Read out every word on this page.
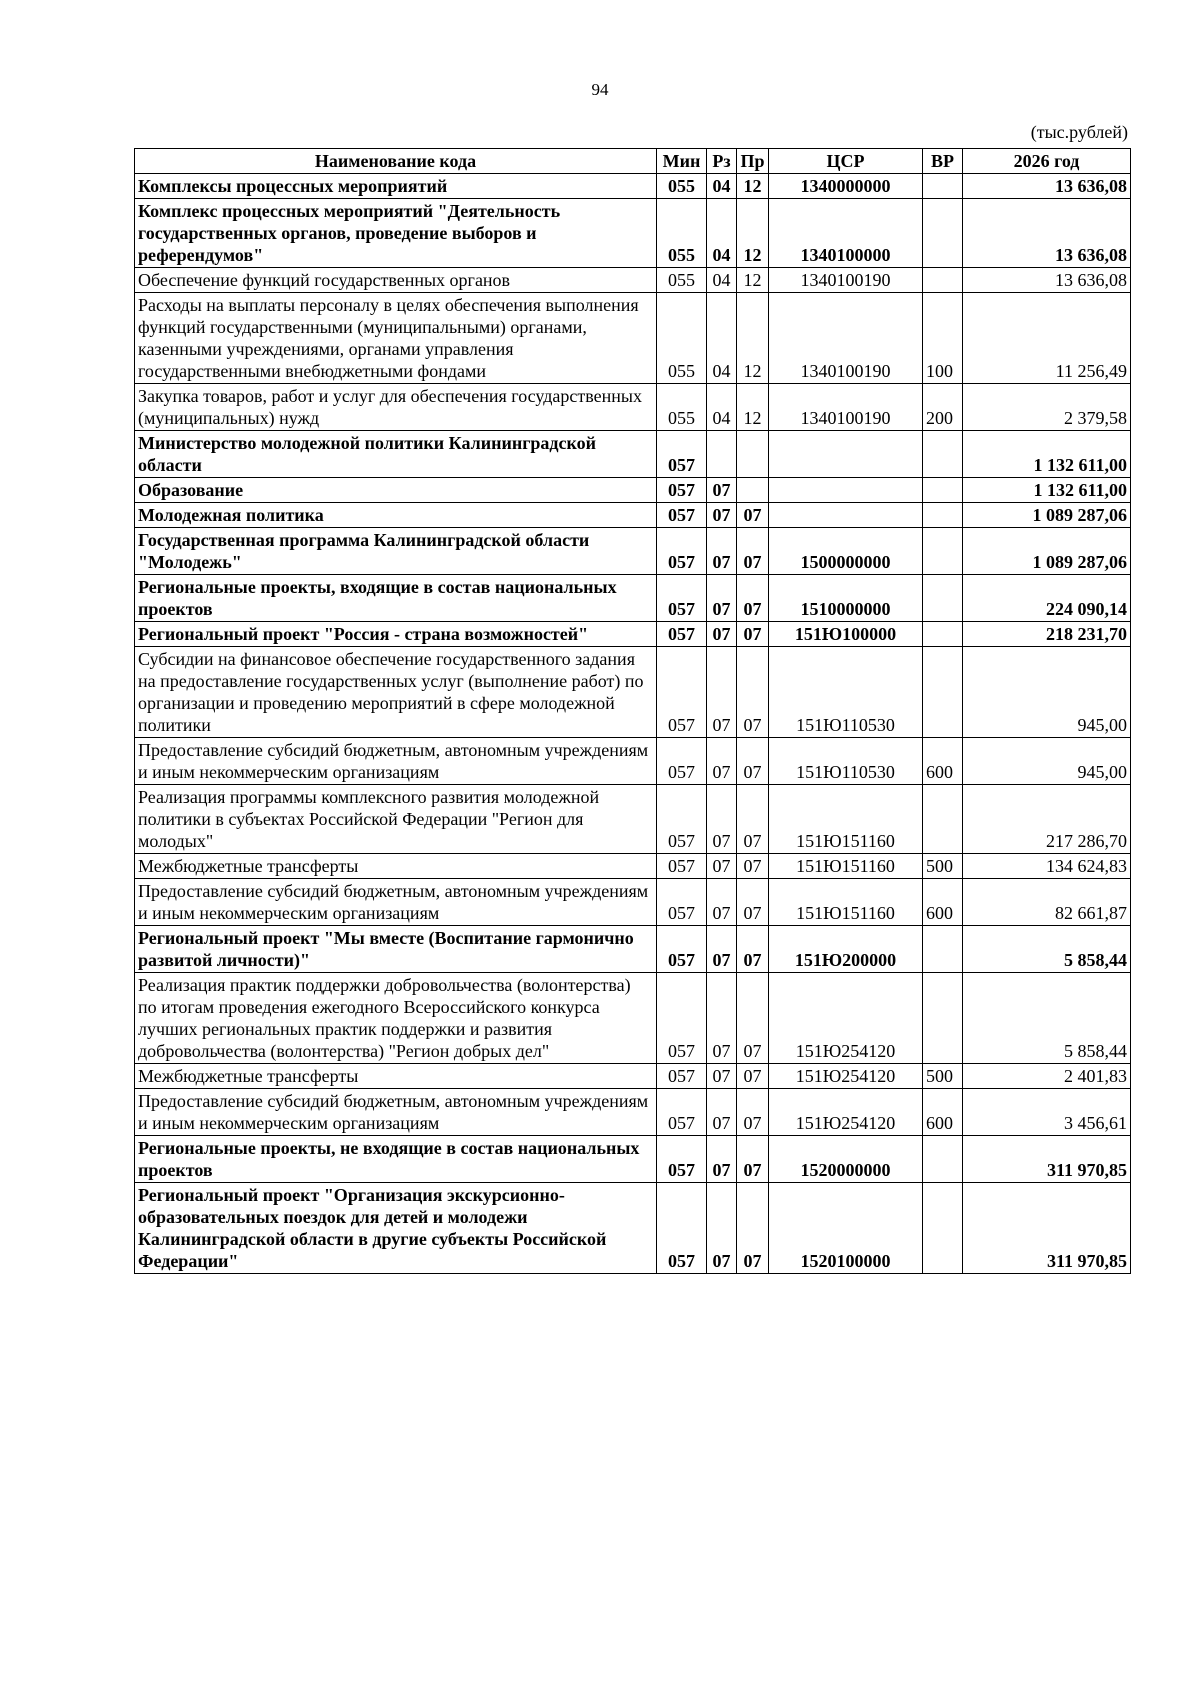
94
(тыс.рублей)
Наименование кода	Мин	Рз	Пр	ЦСР	ВР	2026 год
Комплексы процессных мероприятий	055	04	12	1340000000		13 636,08
Комплекс процессных мероприятий "Деятельность государственных органов, проведение выборов и референдумов"	055	04	12	1340100000		13 636,08
Обеспечение функций государственных органов	055	04	12	1340100190		13 636,08
Расходы на выплаты персоналу в целях обеспечения выполнения функций государственными (муниципальными) органами, казенными учреждениями, органами управления государственными внебюджетными фондами	055	04	12	1340100190	100	11 256,49
Закупка товаров, работ и услуг для обеспечения государственных (муниципальных) нужд	055	04	12	1340100190	200	2 379,58
Министерство молодежной политики Калининградской области	057					1 132 611,00
Образование	057	07				1 132 611,00
Молодежная политика	057	07	07			1 089 287,06
Государственная программа Калининградской области "Молодежь"	057	07	07	1500000000		1 089 287,06
Региональные проекты, входящие в состав национальных проектов	057	07	07	1510000000		224 090,14
Региональный проект "Россия - страна возможностей"	057	07	07	151Ю100000		218 231,70
Субсидии на финансовое обеспечение государственного задания на предоставление государственных услуг (выполнение работ) по организации и проведению мероприятий в сфере молодежной политики	057	07	07	151Ю110530		945,00
Предоставление субсидий бюджетным, автономным учреждениям и иным некоммерческим организациям	057	07	07	151Ю110530	600	945,00
Реализация программы комплексного развития молодежной политики в субъектах Российской Федерации "Регион для молодых"	057	07	07	151Ю151160		217 286,70
Межбюджетные трансферты	057	07	07	151Ю151160	500	134 624,83
Предоставление субсидий бюджетным, автономным учреждениям и иным некоммерческим организациям	057	07	07	151Ю151160	600	82 661,87
Региональный проект "Мы вместе (Воспитание гармонично развитой личности)"	057	07	07	151Ю200000		5 858,44
Реализация практик поддержки добровольчества (волонтерства) по итогам проведения ежегодного Всероссийского конкурса лучших региональных практик поддержки и развития добровольчества (волонтерства) "Регион добрых дел"	057	07	07	151Ю254120		5 858,44
Межбюджетные трансферты	057	07	07	151Ю254120	500	2 401,83
Предоставление субсидий бюджетным, автономным учреждениям и иным некоммерческим организациям	057	07	07	151Ю254120	600	3 456,61
Региональные проекты, не входящие в состав национальных проектов	057	07	07	1520000000		311 970,85
Региональный проект "Организация экскурсионно-образовательных поездок для детей и молодежи Калининградской области в другие субъекты Российской Федерации"	057	07	07	1520100000		311 970,85
